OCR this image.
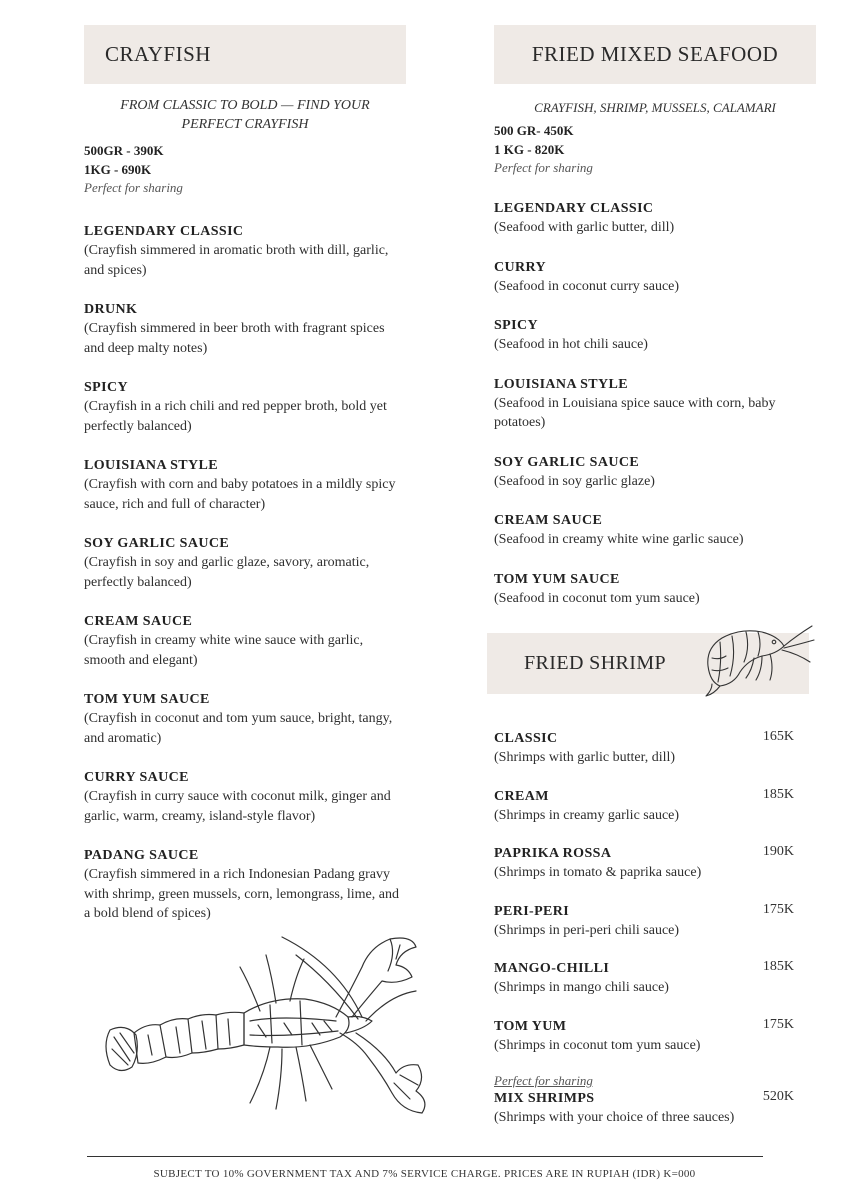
CRAYFISH
FROM CLASSIC TO BOLD — FIND YOUR PERFECT CRAYFISH
500GR - 390K
1KG - 690K
Perfect for sharing
LEGENDARY CLASSIC
(Crayfish simmered in aromatic broth with dill, garlic, and spices)
DRUNK
(Crayfish simmered in beer broth with fragrant spices and deep malty notes)
SPICY
(Crayfish in a rich chili and red pepper broth, bold yet perfectly balanced)
LOUISIANA STYLE
(Crayfish with corn and baby potatoes in a mildly spicy sauce, rich and full of character)
SOY GARLIC SAUCE
(Crayfish in soy and garlic glaze, savory, aromatic, perfectly balanced)
CREAM SAUCE
(Crayfish in creamy white wine sauce with garlic, smooth and elegant)
TOM YUM SAUCE
(Crayfish in coconut and tom yum sauce, bright, tangy, and aromatic)
CURRY SAUCE
(Crayfish in curry sauce with coconut milk, ginger and garlic, warm, creamy, island-style flavor)
PADANG SAUCE
(Crayfish simmered in a rich Indonesian Padang gravy with shrimp, green mussels, corn, lemongrass, lime, and a bold blend of spices)
FRIED MIXED SEAFOOD
CRAYFISH, SHRIMP, MUSSELS, CALAMARI
500 GR- 450K
1 KG - 820K
Perfect for sharing
LEGENDARY CLASSIC
(Seafood with garlic butter, dill)
CURRY
(Seafood in coconut curry sauce)
SPICY
(Seafood in hot chili sauce)
LOUISIANA STYLE
(Seafood in Louisiana spice sauce with corn, baby potatoes)
SOY GARLIC SAUCE
(Seafood in soy garlic glaze)
CREAM SAUCE
(Seafood in creamy white wine garlic sauce)
TOM YUM SAUCE
(Seafood in coconut tom yum sauce)
FRIED SHRIMP
CLASSIC
(Shrimps with garlic butter, dill)
165K
CREAM
(Shrimps in creamy garlic sauce)
185K
PAPRIKA ROSSA
(Shrimps in tomato & paprika sauce)
190K
PERI-PERI
(Shrimps in peri-peri chili sauce)
175K
MANGO-CHILLI
(Shrimps in mango chili sauce)
185K
TOM YUM
(Shrimps in coconut tom yum sauce)
175K
Perfect for sharing
MIX SHRIMPS
(Shrimps with your choice of three sauces)
520K
SUBJECT TO 10% GOVERNMENT TAX AND 7% SERVICE CHARGE. PRICES ARE IN RUPIAH (IDR) K=000
